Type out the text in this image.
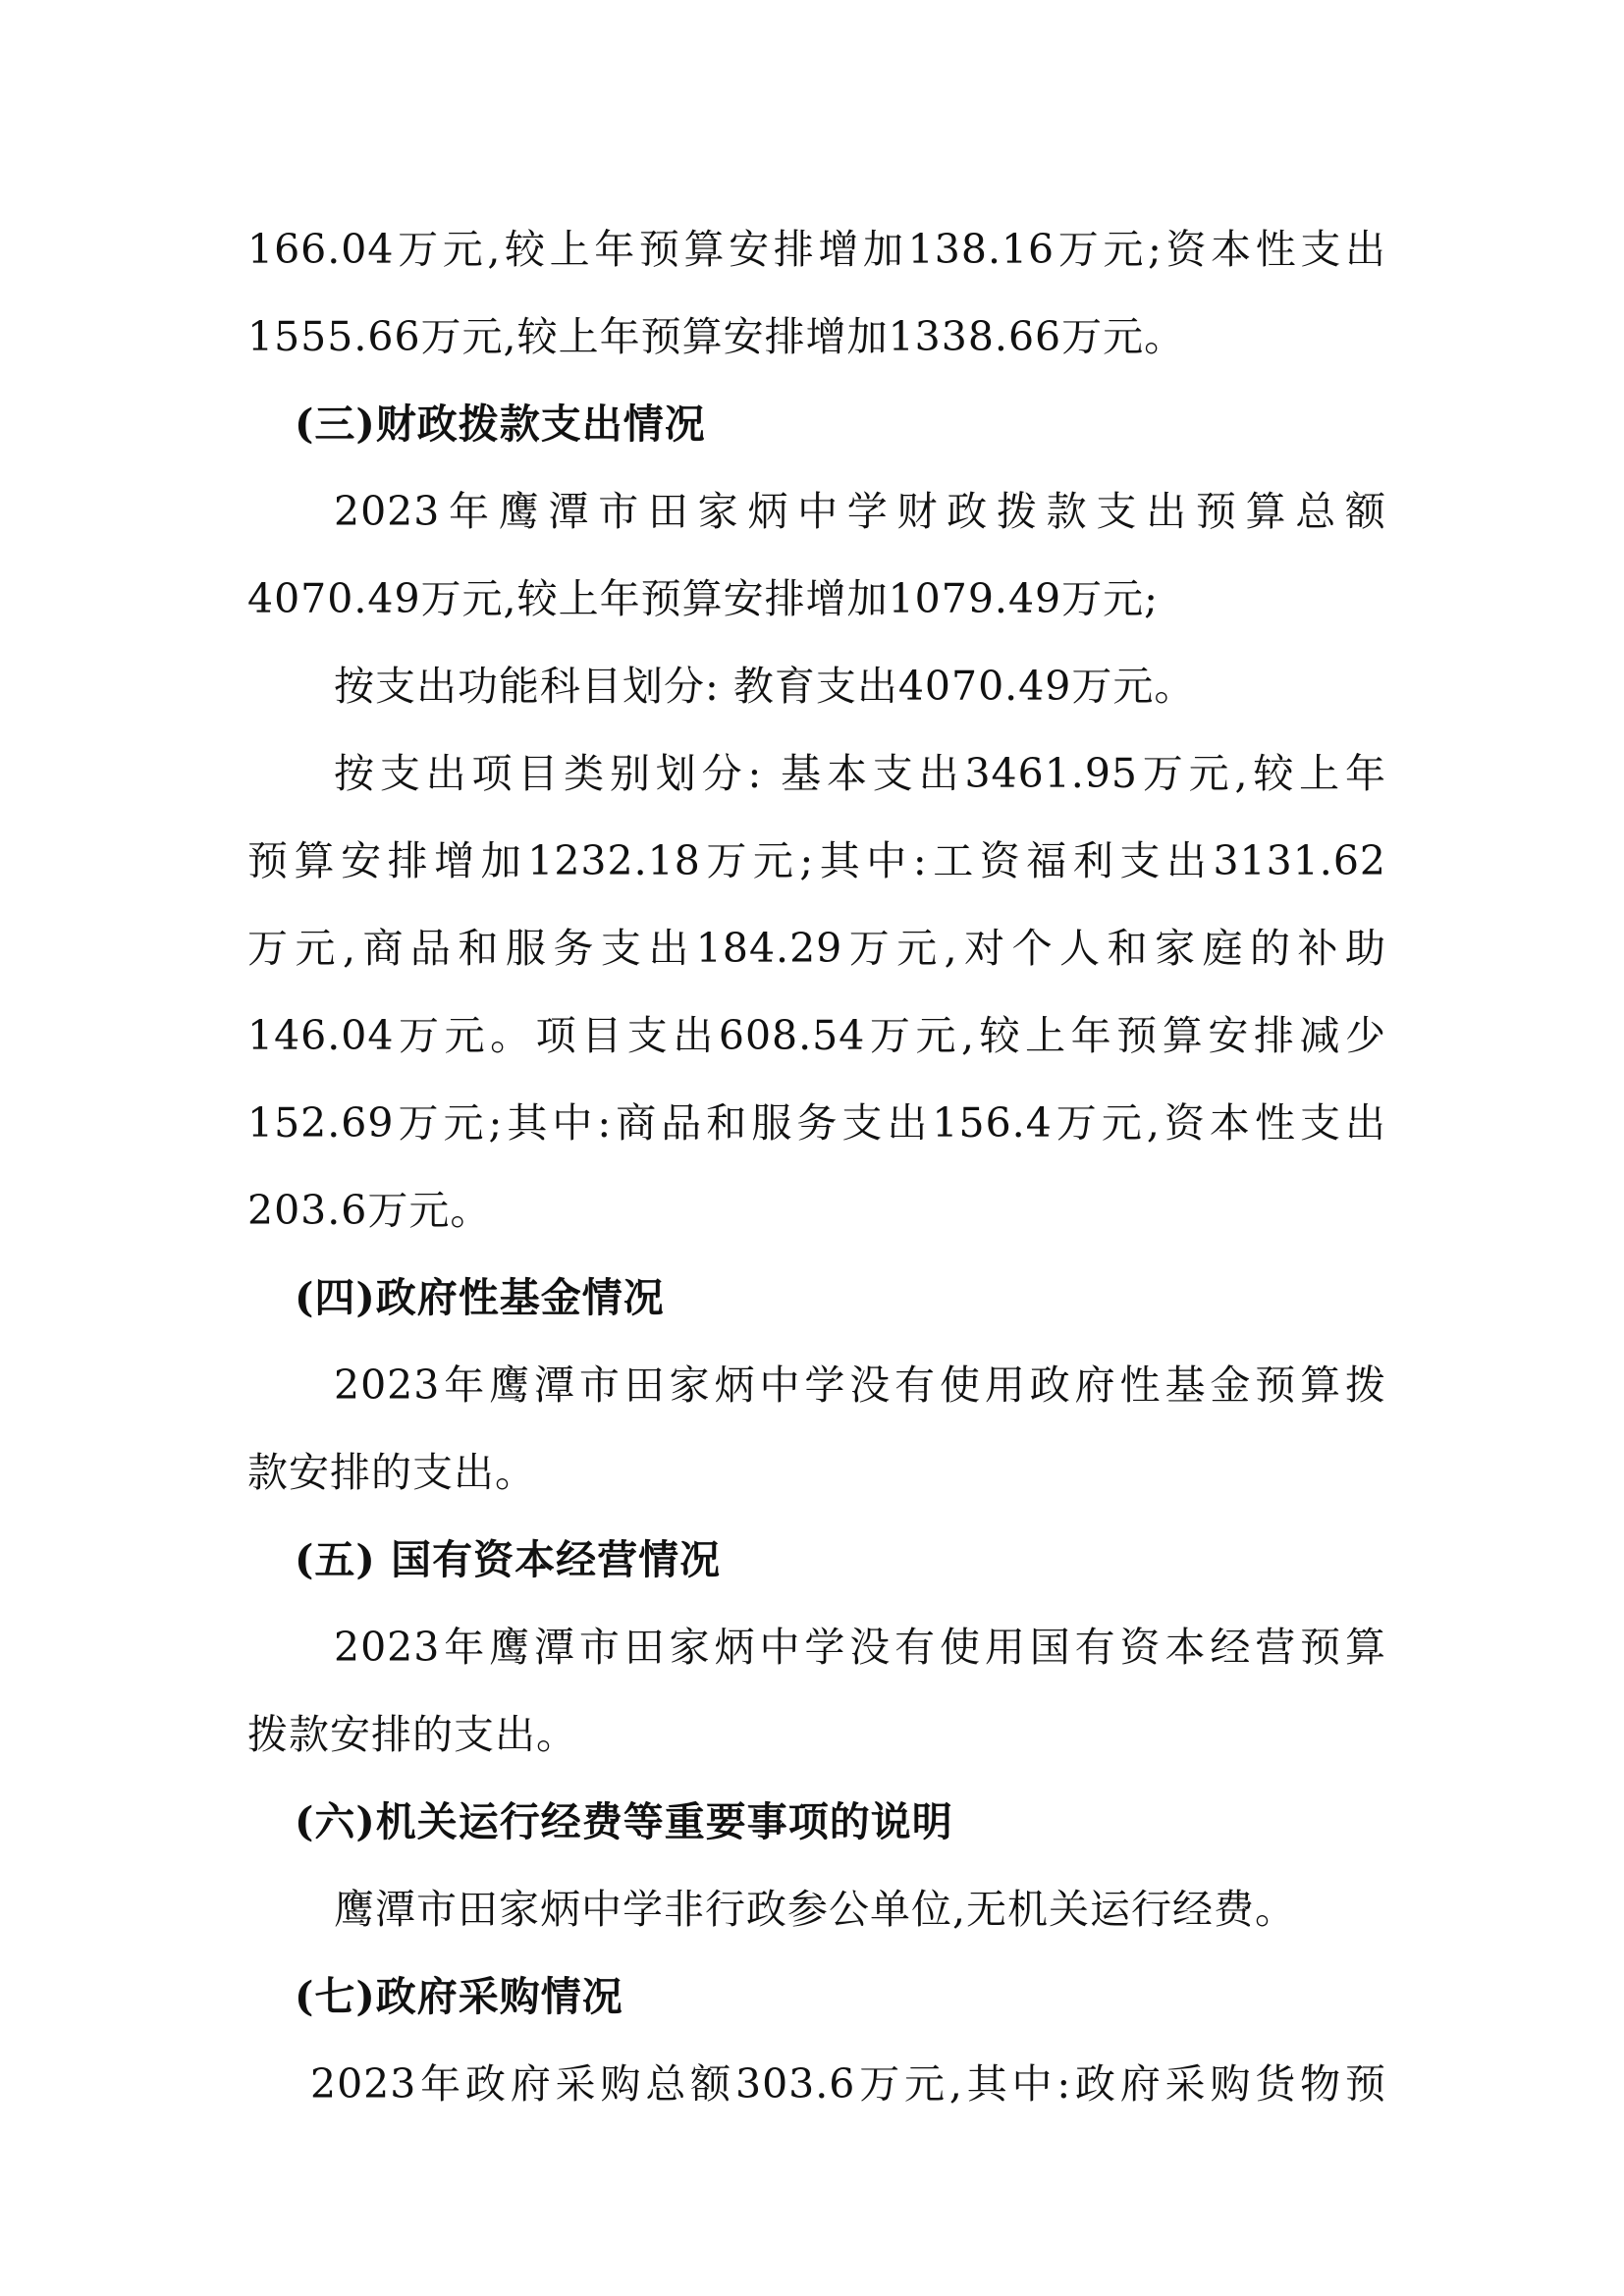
166.04万元,较上年预算安排增加138.16万元;资本性支出
1555.66万元,较上年预算安排增加1338.66万元。
(三)财政拨款支出情况
2023年鹰潭市田家炳中学财政拨款支出预算总额
4070.49万元,较上年预算安排增加1079.49万元;
按支出功能科目划分: 教育支出4070.49万元。
按支出项目类别划分: 基本支出3461.95万元,较上年
预算安排增加1232.18万元;其中:工资福利支出3131.62
万元,商品和服务支出184.29万元,对个人和家庭的补助
146.04万元。项目支出608.54万元,较上年预算安排减少
152.69万元;其中:商品和服务支出156.4万元,资本性支出
203.6万元。
(四)政府性基金情况
2023年鹰潭市田家炳中学没有使用政府性基金预算拨
款安排的支出。
(五) 国有资本经营情况
2023年鹰潭市田家炳中学没有使用国有资本经营预算
拨款安排的支出。
(六)机关运行经费等重要事项的说明
鹰潭市田家炳中学非行政参公单位,无机关运行经费。
(七)政府采购情况
2023年政府采购总额303.6万元,其中:政府采购货物预
